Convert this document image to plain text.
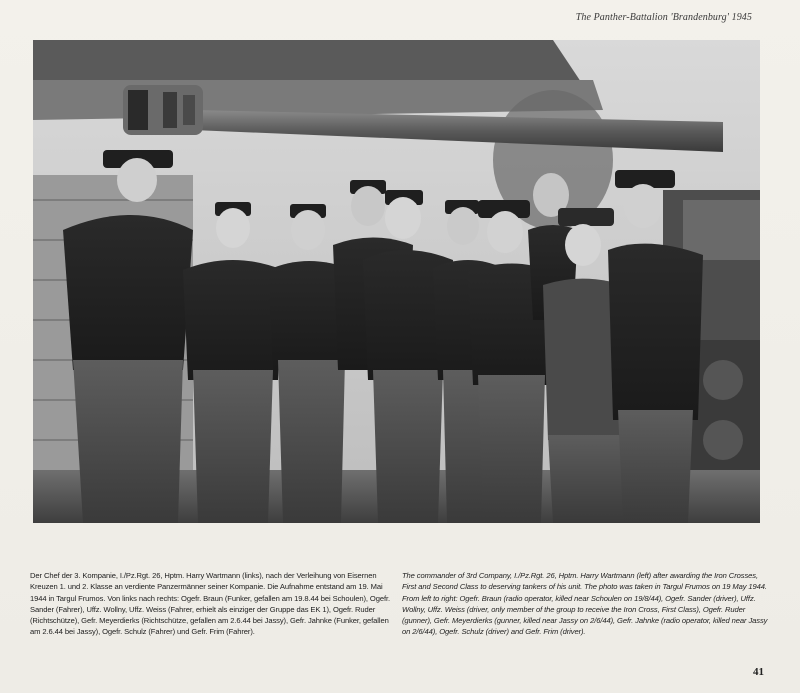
The Panther-Battalion 'Brandenburg' 1945
Der Chef der 3. Kompanie, I./Pz.Rgt. 26, Hptm. Harry Wartmann (links), nach der Verleihung von Eisernen Kreuzen 1. und 2. Klasse an verdiente Panzermänner seiner Kompanie. Die Aufnahme entstand am 19. Mai 1944 in Targul Frumos. Von links nach rechts: Ogefr. Braun (Funker, gefallen am 19.8.44 bei Schoulen), Ogefr. Sander (Fahrer), Uffz. Wollny, Uffz. Weiss (Fahrer, erhielt als einziger der Gruppe das EK 1), Ogefr. Ruder (Richtschütze), Gefr. Meyerdierks (Richtschütze, gefallen am 2.6.44 bei Jassy), Gefr. Jahnke (Funker, gefallen am 2.6.44 bei Jassy), Ogefr. Schulz (Fahrer) und Gefr. Frim (Fahrer).
The commander of 3rd Company, I./Pz.Rgt. 26, Hptm. Harry Wartmann (left) after awarding the Iron Crosses, First and Second Class to deserving tankers of his unit. The photo was taken in Targul Frumos on 19 May 1944. From left to right: Ogefr. Braun (radio operator, killed near Schoulen on 19/8/44), Ogefr. Sander (driver), Uffz. Wollny, Uffz. Weiss (driver, only member of the group to receive the Iron Cross, First Class), Ogefr. Ruder (gunner), Gefr. Meyerdierks (gunner, killed near Jassy on 2/6/44), Gefr. Jahnke (radio operator, killed near Jassy on 2/6/44), Ogefr. Schulz (driver) and Gefr. Frim (driver).
41
